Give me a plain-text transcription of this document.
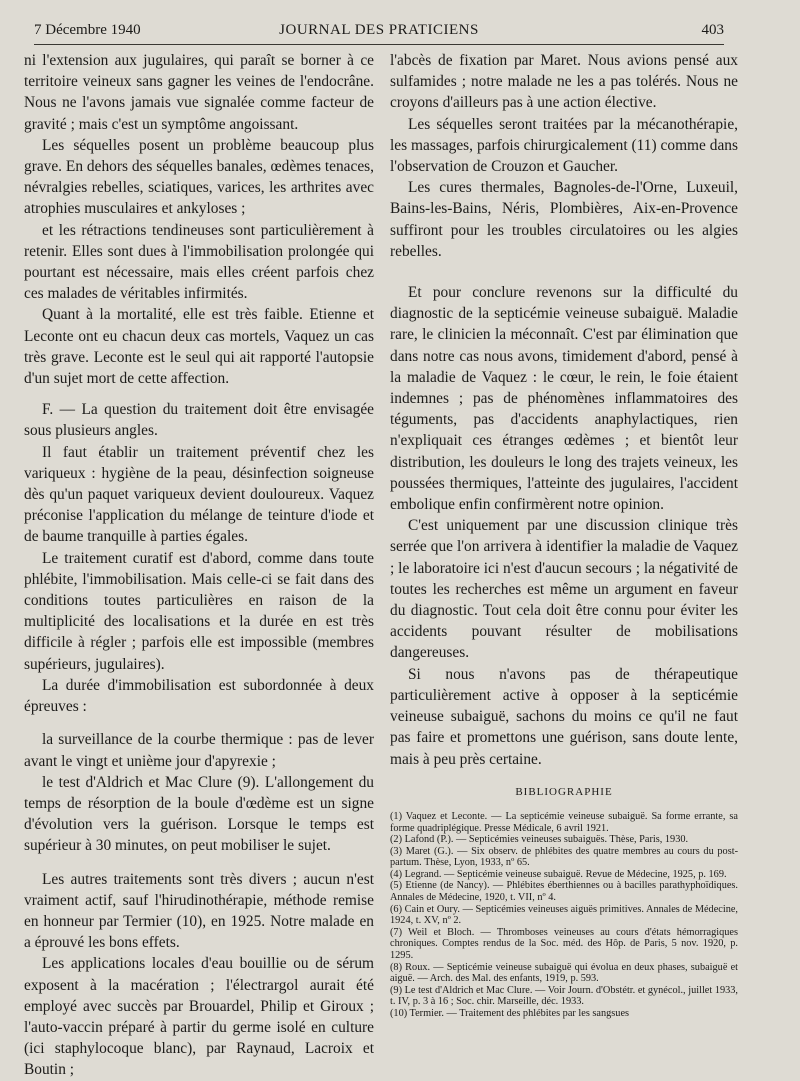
7 Décembre 1940	JOURNAL DES PRATICIENS	403

ni l'extension aux jugulaires, qui paraît se borner à ce territoire veineux sans gagner les veines de l'endocrâne. Nous ne l'avons jamais vue signalée comme facteur de gravité ; mais c'est un symptôme angoissant.

Les séquelles posent un problème beaucoup plus grave. En dehors des séquelles banales, œdèmes tenaces, névralgies rebelles, sciatiques, varices, les arthrites avec atrophies musculaires et ankyloses ;

et les rétractions tendineuses sont particulièrement à retenir. Elles sont dues à l'immobilisation prolongée qui pourtant est nécessaire, mais elles créent parfois chez ces malades de véritables infirmités.

Quant à la mortalité, elle est très faible. Etienne et Leconte ont eu chacun deux cas mortels, Vaquez un cas très grave. Leconte est le seul qui ait rapporté l'autopsie d'un sujet mort de cette affection.

F. — La question du traitement doit être envisagée sous plusieurs angles.

Il faut établir un traitement préventif chez les variqueux : hygiène de la peau, désinfection soigneuse dès qu'un paquet variqueux devient douloureux. Vaquez préconise l'application du mélange de teinture d'iode et de baume tranquille à parties égales.

Le traitement curatif est d'abord, comme dans toute phlébite, l'immobilisation. Mais celle-ci se fait dans des conditions toutes particulières en raison de la multiplicité des localisations et la durée en est très difficile à régler ; parfois elle est impossible (membres supérieurs, jugulaires).

La durée d'immobilisation est subordonnée à deux épreuves :

la surveillance de la courbe thermique : pas de lever avant le vingt et unième jour d'apyrexie ;

le test d'Aldrich et Mac Clure (9). L'allongement du temps de résorption de la boule d'œdème est un signe d'évolution vers la guérison. Lorsque le temps est supérieur à 30 minutes, on peut mobiliser le sujet.

Les autres traitements sont très divers ; aucun n'est vraiment actif, sauf l'hirudinothérapie, méthode remise en honneur par Termier (10), en 1925. Notre malade en a éprouvé les bons effets.

Les applications locales d'eau bouillie ou de sérum exposent à la macération ; l'électrargol aurait été employé avec succès par Brouardel, Philip et Giroux ; l'auto-vaccin préparé à partir du germe isolé en culture (ici staphylocoque blanc), par Raynaud, Lacroix et Boutin ;

l'abcès de fixation par Maret. Nous avions pensé aux sulfamides ; notre malade ne les a pas tolérés. Nous ne croyons d'ailleurs pas à une action élective.

Les séquelles seront traitées par la mécanothérapie, les massages, parfois chirurgicalement (11) comme dans l'observation de Crouzon et Gaucher.

Les cures thermales, Bagnoles-de-l'Orne, Luxeuil, Bains-les-Bains, Néris, Plombières, Aix-en-Provence suffiront pour les troubles circulatoires ou les algies rebelles.

Et pour conclure revenons sur la difficulté du diagnostic de la septicémie veineuse subaiguë. Maladie rare, le clinicien la méconnaît. C'est par élimination que dans notre cas nous avons, timidement d'abord, pensé à la maladie de Vaquez : le cœur, le rein, le foie étaient indemnes ; pas de phénomènes inflammatoires des téguments, pas d'accidents anaphylactiques, rien n'expliquait ces étranges œdèmes ; et bientôt leur distribution, les douleurs le long des trajets veineux, les poussées thermiques, l'atteinte des jugulaires, l'accident embolique enfin confirmèrent notre opinion.

C'est uniquement par une discussion clinique très serrée que l'on arrivera à identifier la maladie de Vaquez ; le laboratoire ici n'est d'aucun secours ; la négativité de toutes les recherches est même un argument en faveur du diagnostic. Tout cela doit être connu pour éviter les accidents pouvant résulter de mobilisations dangereuses.

Si nous n'avons pas de thérapeutique particulièrement active à opposer à la septicémie veineuse subaiguë, sachons du moins ce qu'il ne faut pas faire et promettons une guérison, sans doute lente, mais à peu près certaine.

BIBLIOGRAPHIE

(1) Vaquez et Leconte. — La septicémie veineuse subaiguë. Sa forme errante, sa forme quadriplégique. Presse Médicale, 6 avril 1921.

(2) Lafond (P.). — Septicémies veineuses subaiguës. Thèse, Paris, 1930.

(3) Maret (G.). — Six observ. de phlébites des quatre membres au cours du post-partum. Thèse, Lyon, 1933, nº 65.

(4) Legrand. — Septicémie veineuse subaiguë. Revue de Médecine, 1925, p. 169.

(5) Etienne (de Nancy). — Phlébites éberthiennes ou à bacilles parathyphoïdiques. Annales de Médecine, 1920, t. VII, nº 4.

(6) Cain et Oury. — Septicémies veineuses aiguës primitives. Annales de Médecine, 1924, t. XV, nº 2.

(7) Weil et Bloch. — Thromboses veineuses au cours d'états hémorragiques chroniques. Comptes rendus de la Soc. méd. des Hôp. de Paris, 5 nov. 1920, p. 1295.

(8) Roux. — Septicémie veineuse subaiguë qui évolua en deux phases, subaiguë et aiguë. — Arch. des Mal. des enfants, 1919, p. 593.

(9) Le test d'Aldrich et Mac Clure. — Voir Journ. d'Obstétr. et gynécol., juillet 1933, t. IV, p. 3 à 16 ; Soc. chir. Marseille, déc. 1933.

(10) Termier. — Traitement des phlébites par les sangsues
